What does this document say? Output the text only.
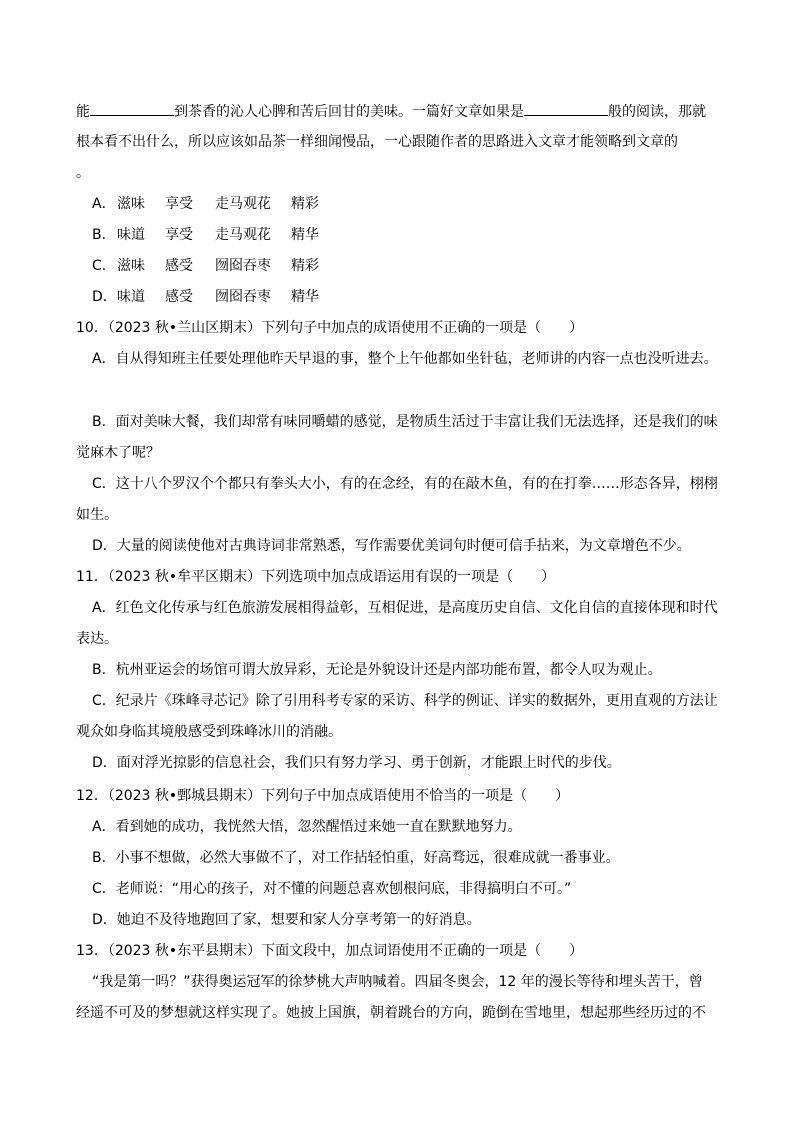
能	到茶香的沁人心脾和苦后回甘的美味。一篇好文章如果是	般的阅读，那就
根本看不出什么，所以应该如品茶一样细闻慢品，一心跟随作者的思路进入文章才能领略到文章的
。
A．滋味 享受 走马观花 精彩
B．味道 享受 走马观花 精华
C．滋味 感受 囫囵吞枣 精彩
D．味道 感受 囫囵吞枣 精华
10．（2023 秋•兰山区期末）下列句子中加点的成语使用不正确的一项是（　　）
A．自从得知班主任要处理他昨天早退的事，整个上午他都如坐针毡，老师讲的内容一点也没听进去。
B．面对美味大餐，我们却常有味同嚼蜡的感觉，是物质生活过于丰富让我们无法选择，还是我们的味
觉麻木了呢？
C．这十八个罗汉个个都只有拳头大小，有的在念经，有的在敲木鱼，有的在打拳……形态各异，栩栩
如生。
D．大量的阅读使他对古典诗词非常熟悉，写作需要优美词句时便可信手拈来，为文章增色不少。
11．（2023 秋•牟平区期末）下列选项中加点成语运用有误的一项是（　　）
A．红色文化传承与红色旅游发展相得益彰，互相促进，是高度历史自信、文化自信的直接体现和时代
表达。
B．杭州亚运会的场馆可谓大放异彩，无论是外貌设计还是内部功能布置，都令人叹为观止。
C．纪录片《珠峰寻芯记》除了引用科考专家的采访、科学的例证、详实的数据外，更用直观的方法让
观众如身临其境般感受到珠峰冰川的消融。
D．面对浮光掠影的信息社会，我们只有努力学习、勇于创新，才能跟上时代的步伐。
12．（2023 秋•鄄城县期末）下列句子中加点成语使用不恰当的一项是（　　）
A．看到她的成功，我恍然大悟，忽然醒悟过来她一直在默默地努力。
B．小事不想做，必然大事做不了，对工作拈轻怕重，好高骛远，很难成就一番事业。
C．老师说：“用心的孩子，对不懂的问题总喜欢刨根问底，非得搞明白不可。”
D．她迫不及待地跑回了家，想要和家人分享考第一的好消息。
13．（2023 秋•东平县期末）下面文段中，加点词语使用不正确的一项是（　　）
“我是第一吗？”获得奥运冠军的徐梦桃大声呐喊着。四届冬奥会，12 年的漫长等待和埋头苦干，曾
经遥不可及的梦想就这样实现了。她披上国旗，朝着跳台的方向，跪倒在雪地里，想起那些经历过的不
